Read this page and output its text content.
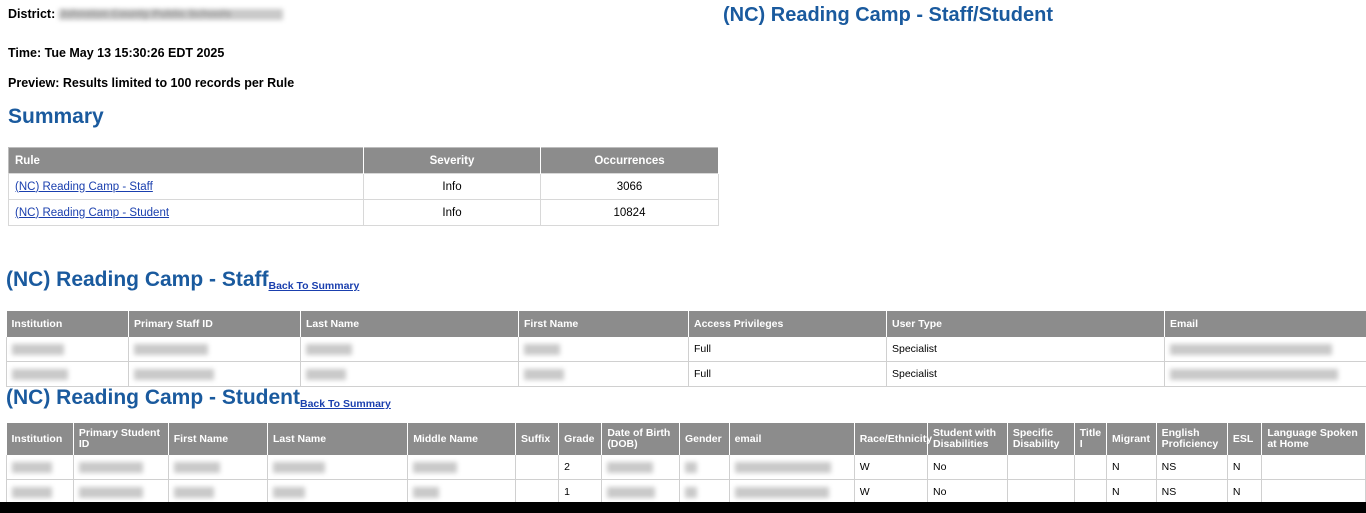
(NC) Reading Camp - Staff/Student
District: Johnston County Public Schools
Time: Tue May 13 15:30:26 EDT 2025
Preview: Results limited to 100 records per Rule
Summary
Rule	Severity	Occurrences
(NC) Reading Camp - Staff	Info	3066
(NC) Reading Camp - Student	Info	10824
(NC) Reading Camp - StaffBack To Summary
Institution	Primary Staff ID	Last Name	First Name	Access Privileges	User Type	Email
				Full	Specialist	
				Full	Specialist	
(NC) Reading Camp - StudentBack To Summary
Institution	Primary Student ID	First Name	Last Name	Middle Name	Suffix	Grade	Date of Birth (DOB)	Gender	email	Race/Ethnicity	Student with Disabilities	Specific Disability	Title I	Migrant	English Proficiency	ESL	Language Spoken at Home
						2				W	No			N	NS	N	
						1				W	No			N	NS	N	
